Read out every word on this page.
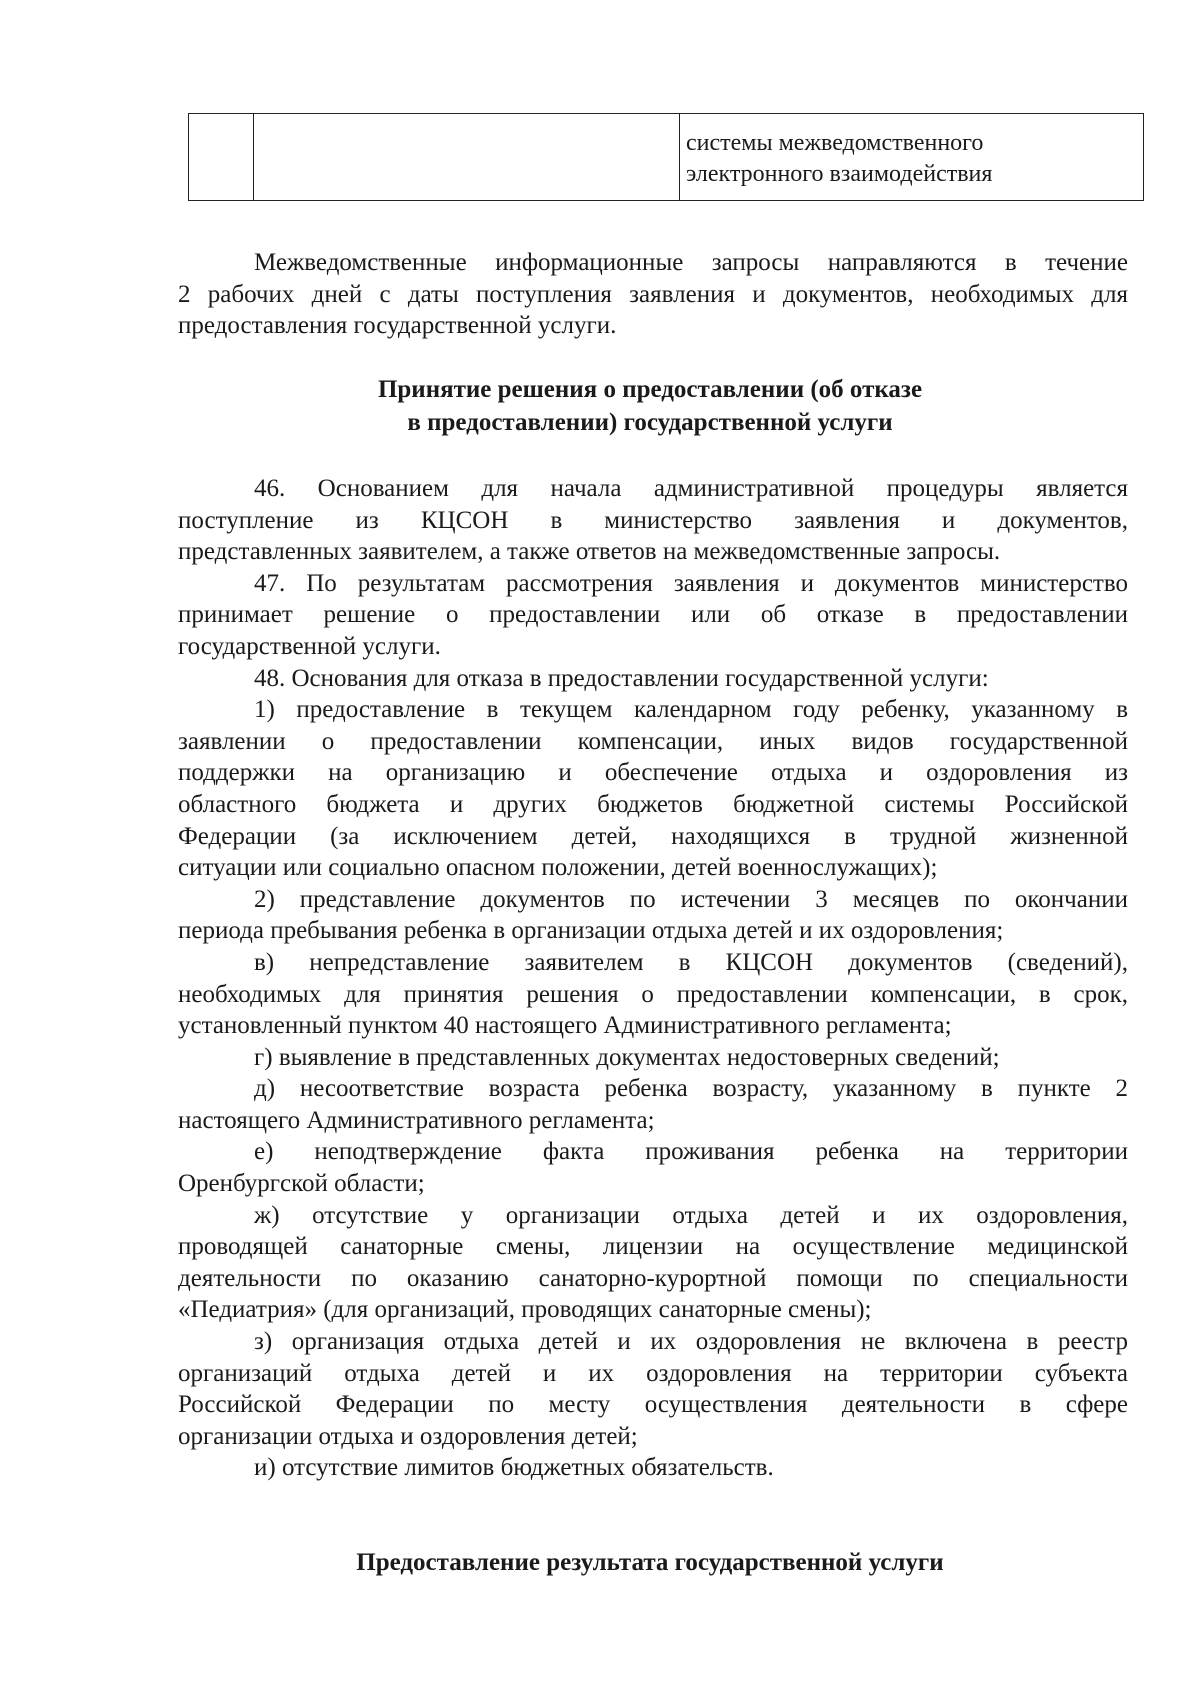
системы межведомственного
электронного взаимодействия
Межведомственные информационные запросы направляются в течение
2 рабочих дней с даты поступления заявления и документов, необходимых для
предоставления государственной услуги.
Принятие решения о предоставлении (об отказе
в предоставлении) государственной услуги
46. Основанием для начала административной процедуры является
поступление из КЦСОН в министерство заявления и документов,
представленных заявителем, а также ответов на межведомственные запросы.
47. По результатам рассмотрения заявления и документов министерство
принимает решение о предоставлении или об отказе в предоставлении
государственной услуги.
48. Основания для отказа в предоставлении государственной услуги:
1) предоставление в текущем календарном году ребенку, указанному в
заявлении о предоставлении компенсации, иных видов государственной
поддержки на организацию и обеспечение отдыха и оздоровления из
областного бюджета и других бюджетов бюджетной системы Российской
Федерации (за исключением детей, находящихся в трудной жизненной
ситуации или социально опасном положении, детей военнослужащих);
2) представление документов по истечении 3 месяцев по окончании
периода пребывания ребенка в организации отдыха детей и их оздоровления;
в) непредставление заявителем в КЦСОН документов (сведений),
необходимых для принятия решения о предоставлении компенсации, в срок,
установленный пунктом 40 настоящего Административного регламента;
г) выявление в представленных документах недостоверных сведений;
д) несоответствие возраста ребенка возрасту, указанному в пункте 2
настоящего Административного регламента;
е) неподтверждение факта проживания ребенка на территории
Оренбургской области;
ж) отсутствие у организации отдыха детей и их оздоровления,
проводящей санаторные смены, лицензии на осуществление медицинской
деятельности по оказанию санаторно-курортной помощи по специальности
«Педиатрия» (для организаций, проводящих санаторные смены);
з) организация отдыха детей и их оздоровления не включена в реестр
организаций отдыха детей и их оздоровления на территории субъекта
Российской Федерации по месту осуществления деятельности в сфере
организации отдыха и оздоровления детей;
и) отсутствие лимитов бюджетных обязательств.
Предоставление результата государственной услуги
